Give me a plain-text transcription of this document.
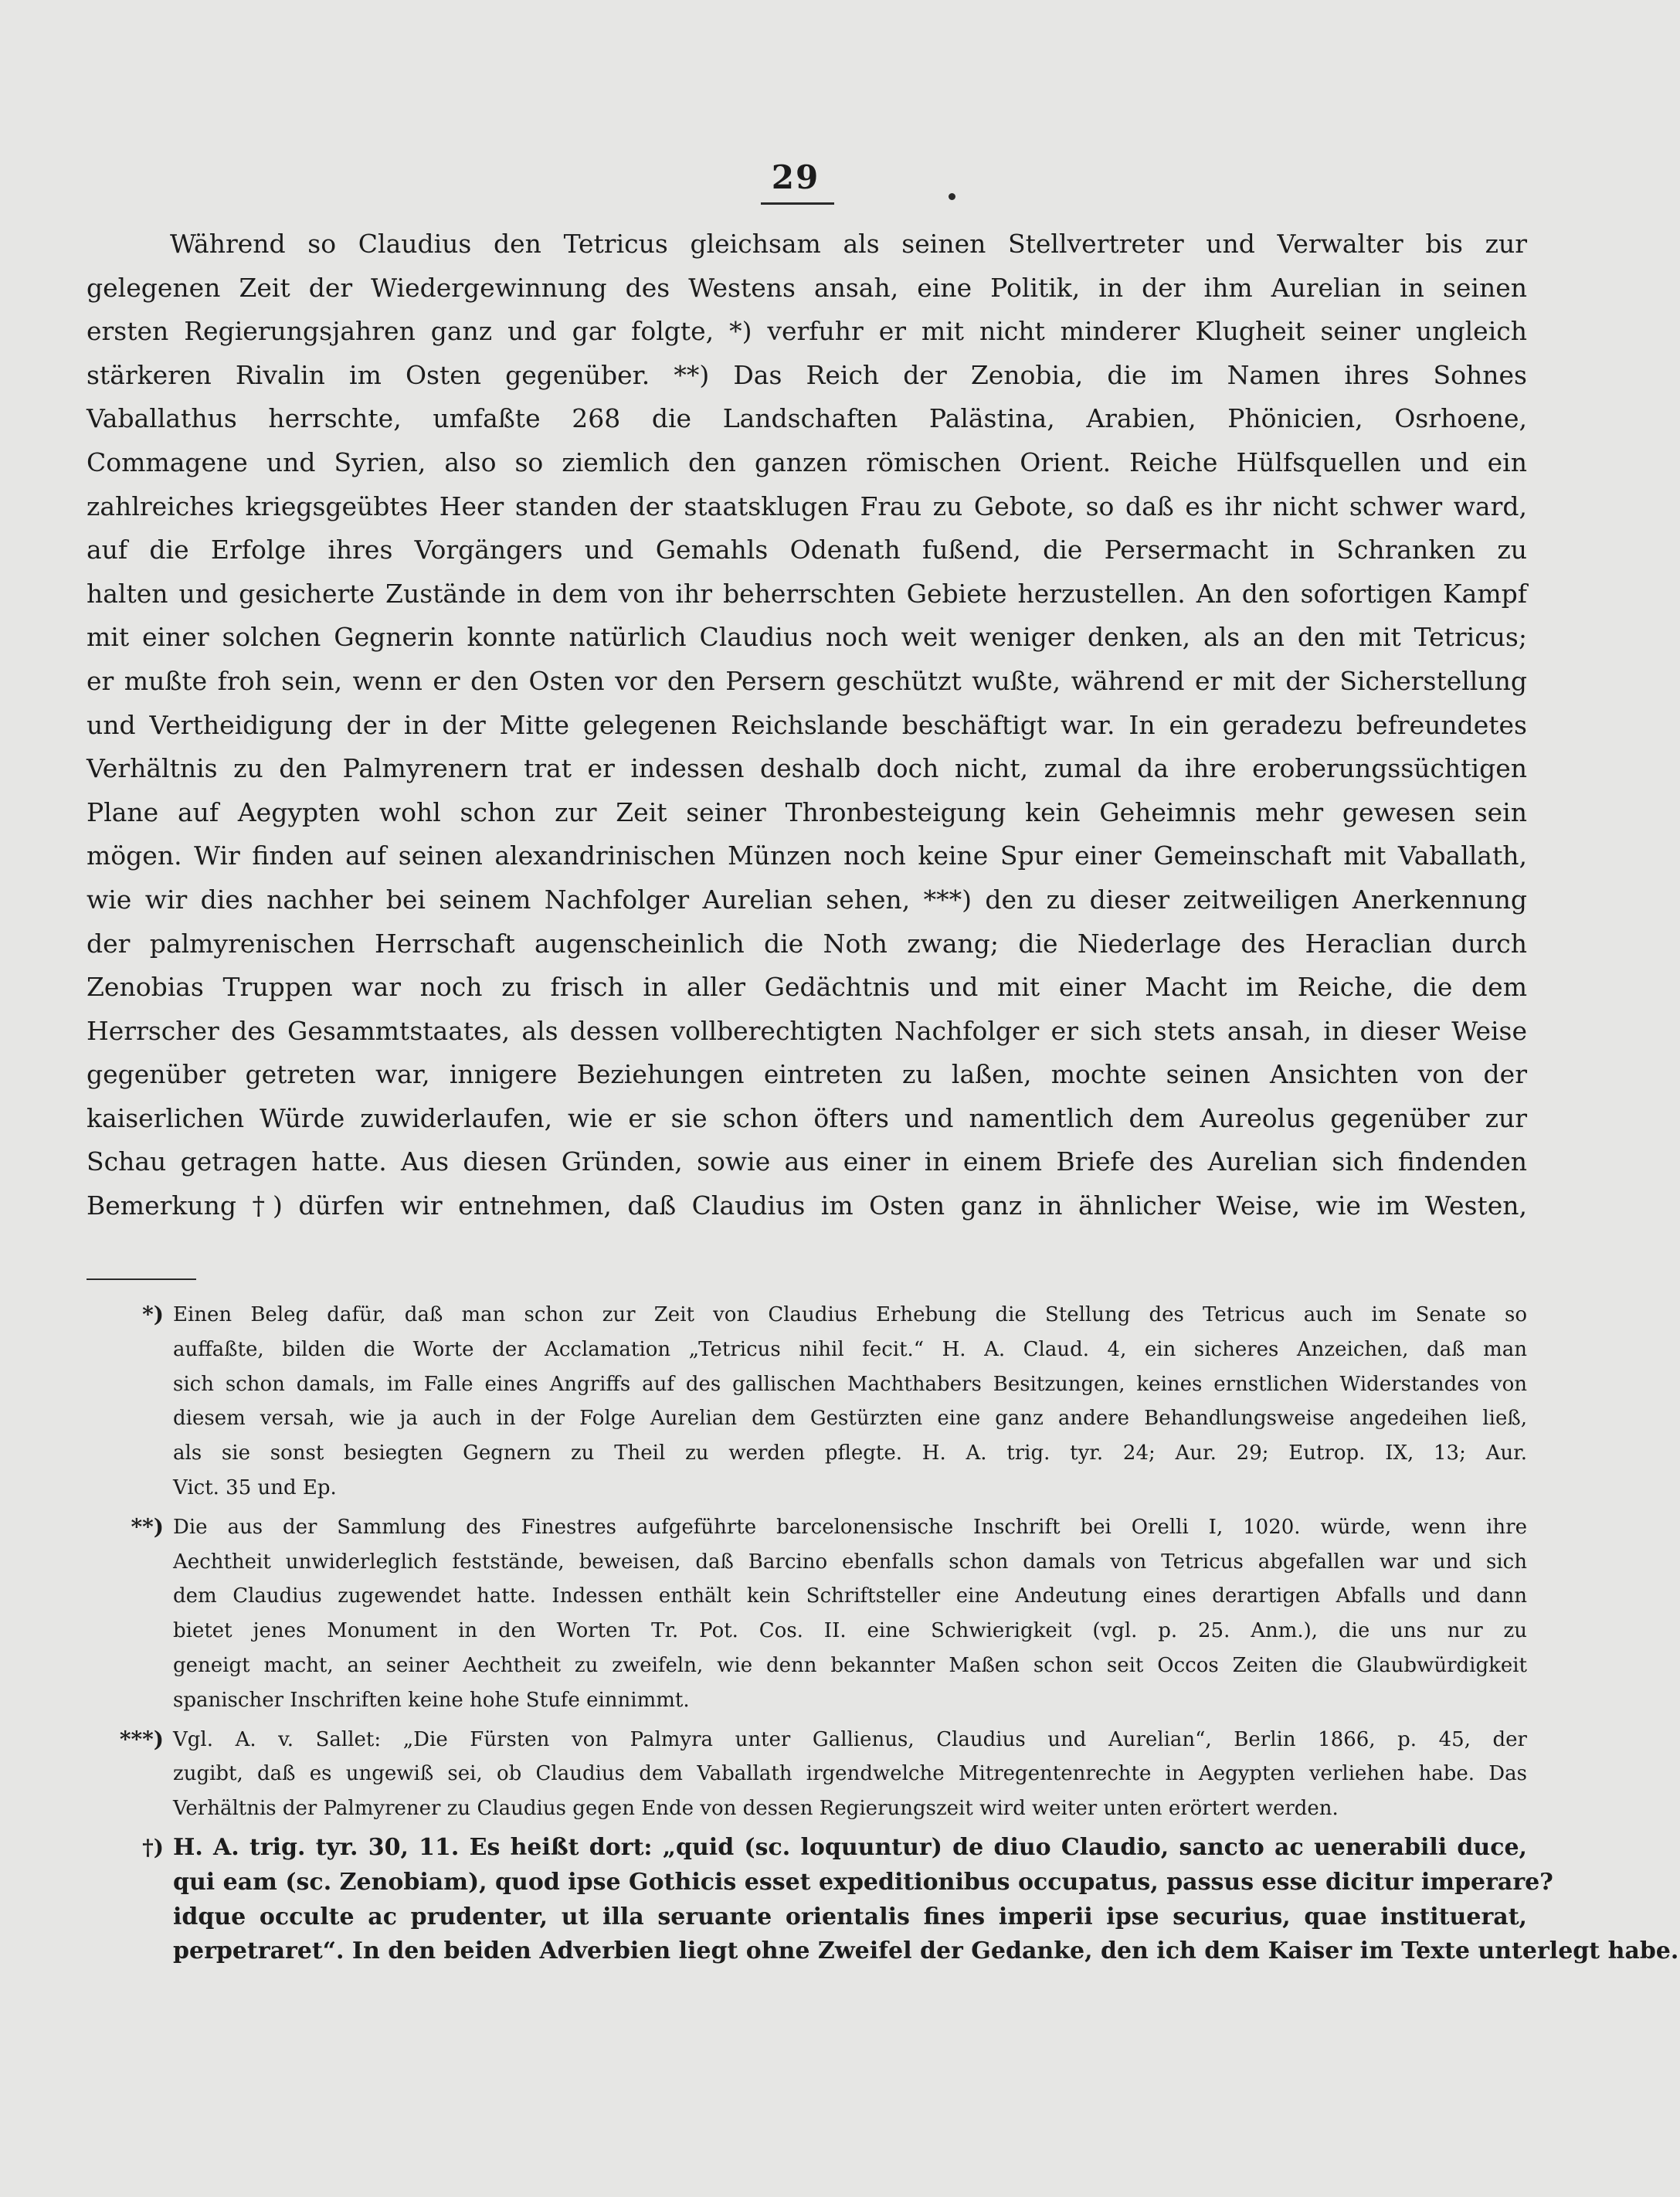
29
Während so Claudius den Tetricus gleichsam als seinen Stellvertreter und Verwalter bis zur
gelegenen Zeit der Wiedergewinnung des Westens ansah, eine Politik, in der ihm Aurelian in seinen
ersten Regierungsjahren ganz und gar folgte, *) verfuhr er mit nicht minderer Klugheit seiner ungleich
stärkeren Rivalin im Osten gegenüber. **) Das Reich der Zenobia, die im Namen ihres Sohnes
Vaballathus herrschte, umfaßte 268 die Landschaften Palästina, Arabien, Phönicien, Osrhoene,
Commagene und Syrien, also so ziemlich den ganzen römischen Orient. Reiche Hülfsquellen und ein
zahlreiches kriegsgeübtes Heer standen der staatsklugen Frau zu Gebote, so daß es ihr nicht schwer ward,
auf die Erfolge ihres Vorgängers und Gemahls Odenath fußend, die Persermacht in Schranken zu
halten und gesicherte Zustände in dem von ihr beherrschten Gebiete herzustellen. An den sofortigen Kampf
mit einer solchen Gegnerin konnte natürlich Claudius noch weit weniger denken, als an den mit Tetricus;
er mußte froh sein, wenn er den Osten vor den Persern geschützt wußte, während er mit der Sicherstellung
und Vertheidigung der in der Mitte gelegenen Reichslande beschäftigt war. In ein geradezu befreundetes
Verhältnis zu den Palmyrenern trat er indessen deshalb doch nicht, zumal da ihre eroberungssüchtigen
Plane auf Aegypten wohl schon zur Zeit seiner Thronbesteigung kein Geheimnis mehr gewesen sein
mögen. Wir finden auf seinen alexandrinischen Münzen noch keine Spur einer Gemeinschaft mit Vaballath,
wie wir dies nachher bei seinem Nachfolger Aurelian sehen, ***) den zu dieser zeitweiligen Anerkennung
der palmyrenischen Herrschaft augenscheinlich die Noth zwang; die Niederlage des Heraclian durch
Zenobias Truppen war noch zu frisch in aller Gedächtnis und mit einer Macht im Reiche, die dem
Herrscher des Gesammtstaates, als dessen vollberechtigten Nachfolger er sich stets ansah, in dieser Weise
gegenüber getreten war, innigere Beziehungen eintreten zu laßen, mochte seinen Ansichten von der
kaiserlichen Würde zuwiderlaufen, wie er sie schon öfters und namentlich dem Aureolus gegenüber zur
Schau getragen hatte. Aus diesen Gründen, sowie aus einer in einem Briefe des Aurelian sich findenden
Bemerkung †) dürfen wir entnehmen, daß Claudius im Osten ganz in ähnlicher Weise, wie im Westen,
*) Einen Beleg dafür, daß man schon zur Zeit von Claudius Erhebung die Stellung des Tetricus auch im Senate so
auffaßte, bilden die Worte der Acclamation „Tetricus nihil fecit.“ H. A. Claud. 4, ein sicheres Anzeichen, daß man
sich schon damals, im Falle eines Angriffs auf des gallischen Machthabers Besitzungen, keines ernstlichen Widerstandes von
diesem versah, wie ja auch in der Folge Aurelian dem Gestürzten eine ganz andere Behandlungsweise angedeihen ließ,
als sie sonst besiegten Gegnern zu Theil zu werden pflegte. H. A. trig. tyr. 24; Aur. 29; Eutrop. IX, 13; Aur.
Vict. 35 und Ep.
**) Die aus der Sammlung des Finestres aufgeführte barcelonensische Inschrift bei Orelli I, 1020. würde, wenn ihre
Aechtheit unwiderleglich feststände, beweisen, daß Barcino ebenfalls schon damals von Tetricus abgefallen war und sich
dem Claudius zugewendet hatte. Indessen enthält kein Schriftsteller eine Andeutung eines derartigen Abfalls und dann
bietet jenes Monument in den Worten Tr. Pot. Cos. II. eine Schwierigkeit (vgl. p. 25. Anm.), die uns nur zu
geneigt macht, an seiner Aechtheit zu zweifeln, wie denn bekannter Maßen schon seit Occos Zeiten die Glaubwürdigkeit
spanischer Inschriften keine hohe Stufe einnimmt.
***) Vgl. A. v. Sallet: „Die Fürsten von Palmyra unter Gallienus, Claudius und Aurelian“, Berlin 1866, p. 45, der
zugibt, daß es ungewiß sei, ob Claudius dem Vaballath irgendwelche Mitregentenrechte in Aegypten verliehen habe. Das
Verhältnis der Palmyrener zu Claudius gegen Ende von dessen Regierungszeit wird weiter unten erörtert werden.
†) H. A. trig. tyr. 30, 11. Es heißt dort: „quid (sc. loquuntur) de diuo Claudio, sancto ac uenerabili duce,
qui eam (sc. Zenobiam), quod ipse Gothicis esset expeditionibus occupatus, passus esse dicitur imperare?
idque occulte ac prudenter, ut illa seruante orientalis fines imperii ipse securius, quae instituerat,
perpetraret“. In den beiden Adverbien liegt ohne Zweifel der Gedanke, den ich dem Kaiser im Texte unterlegt habe.
